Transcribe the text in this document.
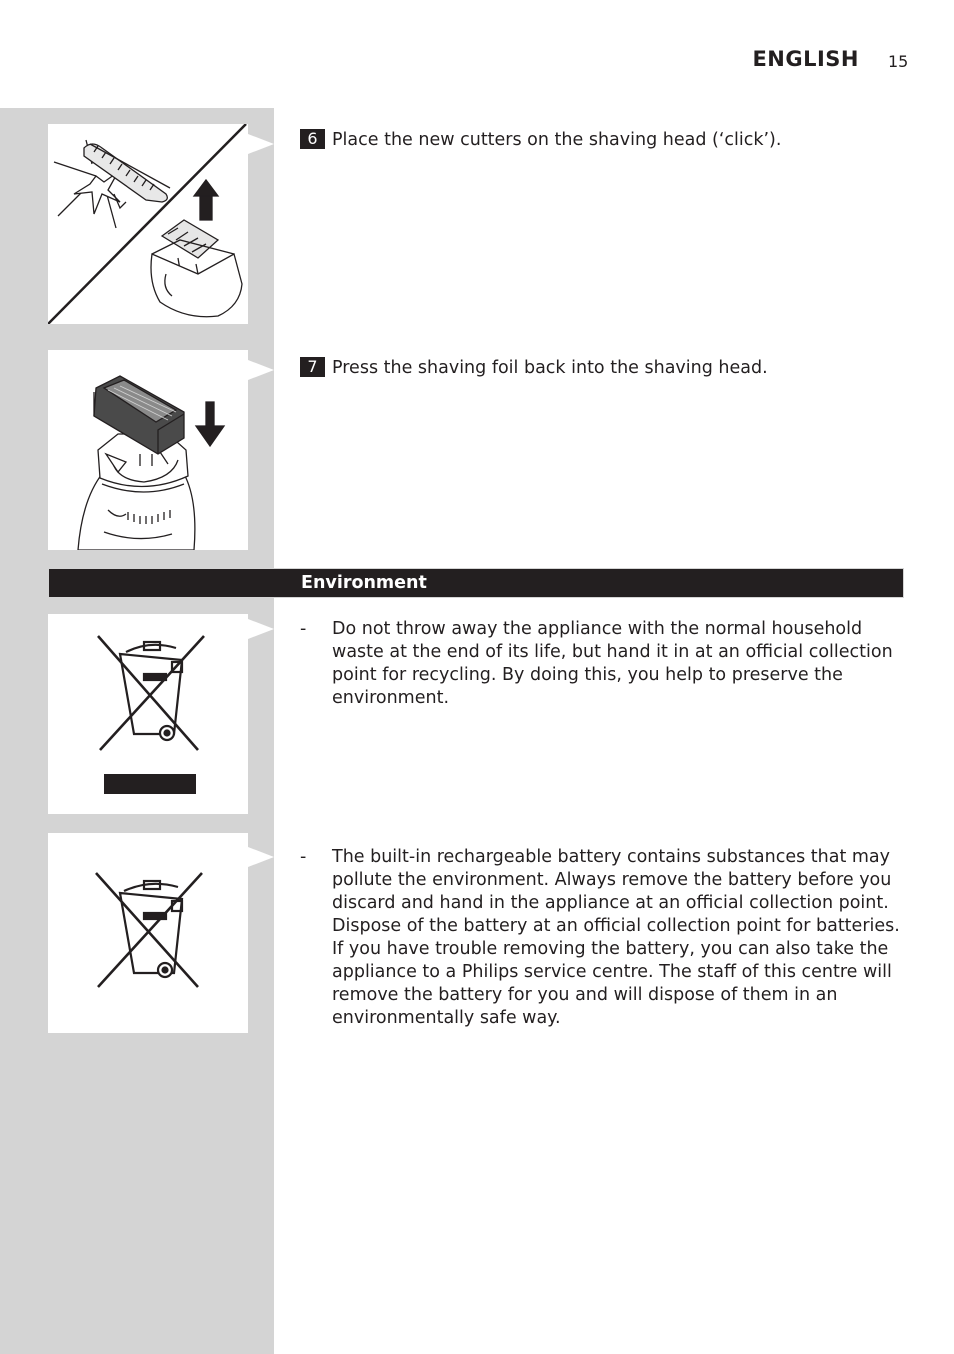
ENGLISH 15
6 Place the new cutters on the shaving head (‘click’).
7 Press the shaving foil back into the shaving head.
Environment
-	Do not throw away the appliance with the normal household waste at the end of its life, but hand it in at an official collection point for recycling. By doing this, you help to preserve the environment.
-	The built-in rechargeable battery contains substances that may pollute the environment. Always remove the battery before you discard and hand in the appliance at an official collection point. Dispose of the battery at an official collection point for batteries. If you have trouble removing the battery, you can also take the appliance to a Philips service centre. The staff of this centre will remove the battery for you and will dispose of them in an environmentally safe way.
